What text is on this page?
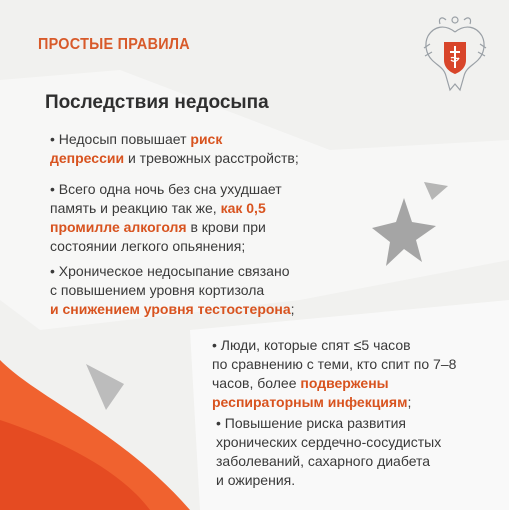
ПРОСТЫЕ ПРАВИЛА
Последствия недосыпа
• Недосып повышает риск
депрессии и тревожных расстройств;
• Всего одна ночь без сна ухудшает
память и реакцию так же, как 0,5
промилле алкоголя в крови при
состоянии легкого опьянения;
• Хроническое недосыпание связано
с повышением уровня кортизола
и снижением уровня тестостерона;
• Люди, которые спят ≤5 часов
по сравнению с теми, кто спит по 7–8
часов, более подвержены
респираторным инфекциям;
• Повышение риска развития
хронических сердечно-сосудистых
заболеваний, сахарного диабета
и ожирения.
